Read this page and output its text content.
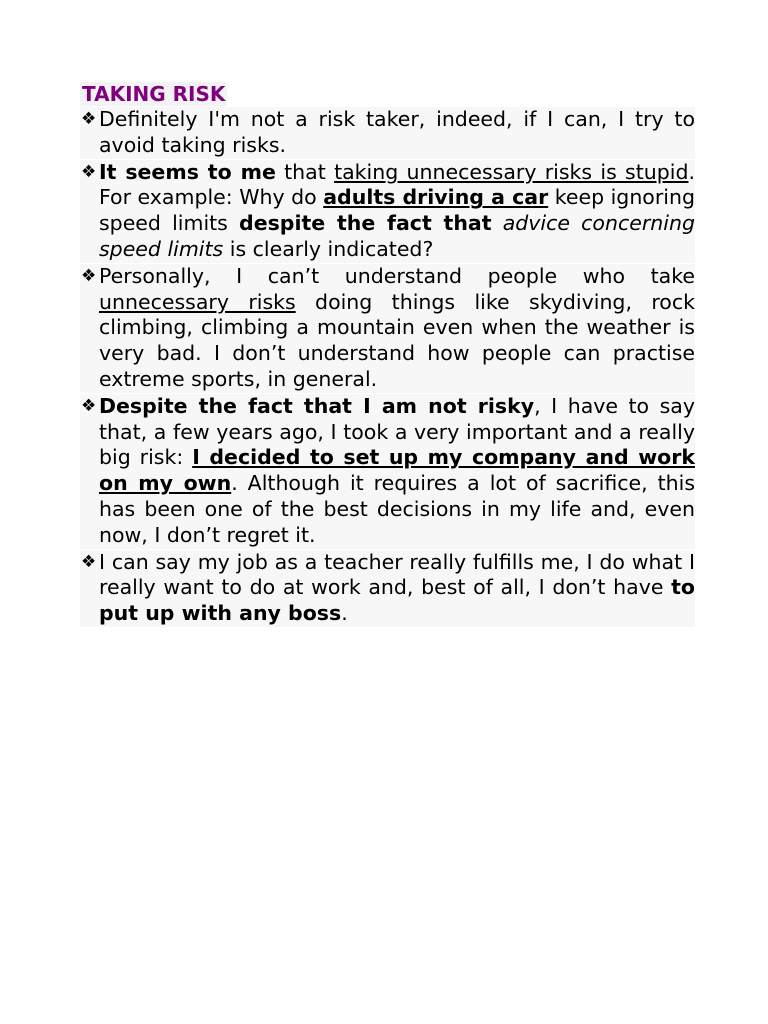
TAKING RISK
❖ Definitely I'm not a risk taker, indeed, if I can, I try to avoid taking risks.
❖ It seems to me that taking unnecessary risks is stupid. For example: Why do adults driving a car keep ignoring speed limits despite the fact that advice concerning speed limits is clearly indicated?
❖ Personally, I can’t understand people who take unnecessary risks doing things like skydiving, rock climbing, climbing a mountain even when the weather is very bad. I don’t understand how people can practise extreme sports, in general.
❖ Despite the fact that I am not risky, I have to say that, a few years ago, I took a very important and a really big risk: I decided to set up my company and work on my own. Although it requires a lot of sacrifice, this has been one of the best decisions in my life and, even now, I don’t regret it.
❖ I can say my job as a teacher really fulfills me, I do what I really want to do at work and, best of all, I don’t have to put up with any boss.
